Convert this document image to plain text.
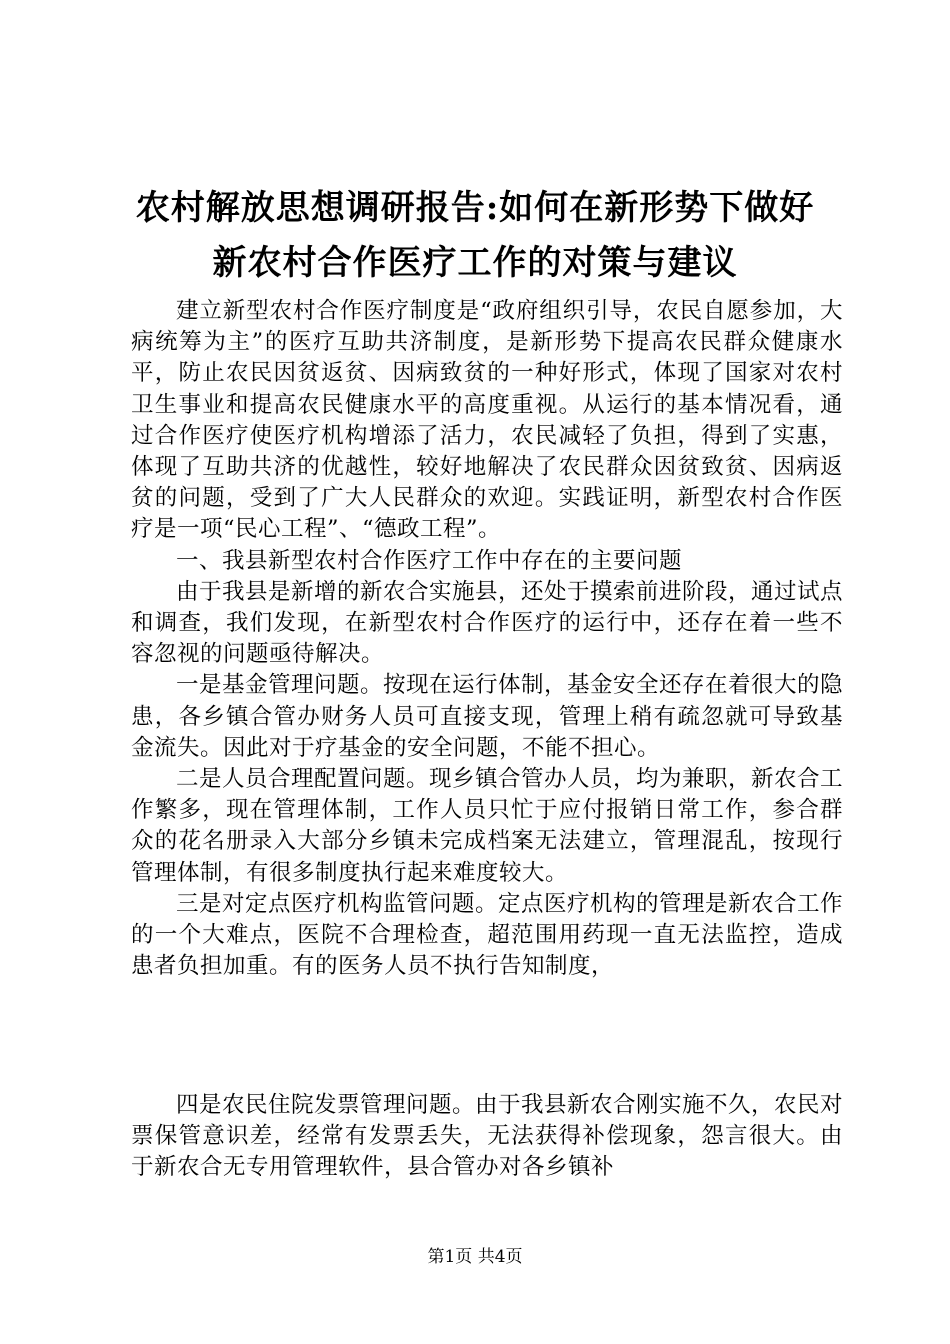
农村解放思想调研报告:如何在新形势下做好
新农村合作医疗工作的对策与建议

建立新型农村合作医疗制度是“政府组织引导，农民自愿参加，大病统筹为主”的医疗互助共济制度，是新形势下提高农民群众健康水平，防止农民因贫返贫、因病致贫的一种好形式，体现了国家对农村卫生事业和提高农民健康水平的高度重视。从运行的基本情况看，通过合作医疗使医疗机构增添了活力，农民减轻了负担，得到了实惠，体现了互助共济的优越性，较好地解决了农民群众因贫致贫、因病返贫的问题，受到了广大人民群众的欢迎。实践证明，新型农村合作医疗是一项“民心工程”、“德政工程”。

一、我县新型农村合作医疗工作中存在的主要问题

由于我县是新增的新农合实施县，还处于摸索前进阶段，通过试点和调查，我们发现，在新型农村合作医疗的运行中，还存在着一些不容忽视的问题亟待解决。

一是基金管理问题。按现在运行体制，基金安全还存在着很大的隐患，各乡镇合管办财务人员可直接支现，管理上稍有疏忽就可导致基金流失。因此对于疗基金的安全问题，不能不担心。

二是人员合理配置问题。现乡镇合管办人员，均为兼职，新农合工作繁多，现在管理体制，工作人员只忙于应付报销日常工作，参合群众的花名册录入大部分乡镇未完成档案无法建立，管理混乱，按现行管理体制，有很多制度执行起来难度较大。

三是对定点医疗机构监管问题。定点医疗机构的管理是新农合工作的一个大难点，医院不合理检查，超范围用药现一直无法监控，造成患者负担加重。有的医务人员不执行告知制度，

四是农民住院发票管理问题。由于我县新农合刚实施不久，农民对票保管意识差，经常有发票丢失，无法获得补偿现象，怨言很大。由于新农合无专用管理软件，县合管办对各乡镇补

第1页 共4页
